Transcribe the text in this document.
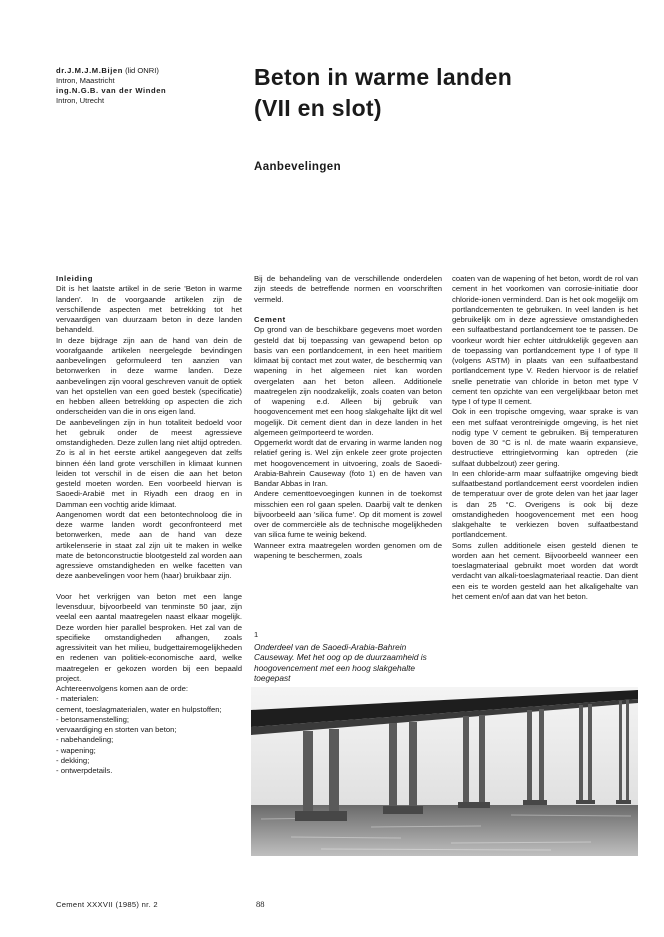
dr.J.M.J.M.Bijen (lid ONRI)
Intron, Maastricht
ing.N.G.B. van der Winden
Intron, Utrecht
Beton in warme landen
(VII en slot)
Aanbevelingen

Inleiding

Dit is het laatste artikel in de serie 'Beton in warme landen'. In de voorgaande artikelen zijn de verschillende aspecten met betrekking tot het vervaardigen van duurzaam beton in deze landen behandeld.

In deze bijdrage zijn aan de hand van dein de voorafgaande artikelen neergelegde bevindingen aanbevelingen geformuleerd ten aanzien van betonwerken in deze warme landen. Deze aanbevelingen zijn vooral geschreven vanuit de optiek van het opstellen van een goed bestek (specificatie) en hebben alleen betrekking op aspecten die zich onderscheiden van die in ons eigen land.

De aanbevelingen zijn in hun totaliteit bedoeld voor het gebruik onder de meest agressieve omstandigheden. Deze zullen lang niet altijd optreden. Zo is al in het eerste artikel aangegeven dat zelfs binnen één land grote verschillen in klimaat kunnen leiden tot verschil in de eisen die aan het beton gesteld moeten worden. Een voorbeeld hiervan is Saoedi-Arabië met in Riyadh een draog en in Damman een vochtig aride klimaat.

Aangenomen wordt dat een betontechnoloog die in deze warme landen wordt geconfronteerd met betonwerken, mede aan de hand van deze artikelenserie in staat zal zijn uit te maken in welke mate de betonconstructie blootgesteld zal worden aan agressieve omstandigheden en welke facetten van deze aanbevelingen voor hem (haar) bruikbaar zijn.

Voor het verkrijgen van beton met een lange levensduur, bijvoorbeeld van tenminste 50 jaar, zijn veelal een aantal maatregelen naast elkaar mogelijk. Deze worden hier parallel besproken. Het zal van de specifieke omstandigheden afhangen, zoals agressiviteit van het milieu, budgettairemogelijkheden en redenen van politiek-economische aard, welke maatregelen er gekozen worden bij een bepaald project.

Achtereenvolgens komen aan de orde:

- materialen:
cement, toeslagmaterialen, water en hulpstoffen;
- betonsamenstelling;
vervaardiging en storten van beton;
- nabehandeling;
- wapening;
- dekking;
- ontwerpdetails.

Bij de behandeling van de verschillende onderdelen zijn steeds de betreffende normen en voorschriften vermeld.

Cement

Op grond van de beschikbare gegevens moet worden gesteld dat bij toepassing van gewapend beton op basis van een portlandcement, in een heet maritiem klimaat bij contact met zout water, de beschermiq van wapening in het algemeen niet kan worden overgelaten aan het beton alleen. Additionele maatregelen zijn noodzakelijk, zoals coaten van beton of wapening e.d. Alleen bij gebruik van hoogovencement met een hoog slakgehalte lijkt dit wel mogelijk. Dit cement dient dan in deze landen in het algemeen geïmporteerd te worden.

Opgemerkt wordt dat de ervaring in warme landen nog relatief gering is. Wel zijn enkele zeer grote projecten met hoogovencement in uitvoering, zoals de Saoedi-Arabia-Bahrein Causeway (foto 1) en de haven van Bandar Abbas in Iran.

Andere cementtoevoegingen kunnen in de toekomst misschien een rol gaan spelen. Daarbij valt te denken bijvoorbeeld aan 'silica fume'. Op dit moment is zowel over de commerciële als de technische mogelijkheden van silica fume te weinig bekend.

Wanneer extra maatregelen worden genomen om de wapening te beschermen, zoals

1
Onderdeel van de Saoedi-Arabia-Bahrein Causeway. Met het oog op de duurzaamheid is hoogovencement met een hoog slakgehalte toegepast

coaten van de wapening of het beton, wordt de rol van cement in het voorkomen van corrosie-initiatie door chloride-ionen verminderd. Dan is het ook mogelijk om portlandcementen te gebruiken. In veel landen is het gebruikelijk om in deze agressieve omstandigheden een sulfaatbestand portlandcement toe te passen. De voorkeur wordt hier echter uitdrukkelijk gegeven aan de toepassing van portlandcement type I of type II (volgens ASTM) in plaats van een sulfaatbestand portlandcement type V. Reden hiervoor is de relatief snelle penetratie van chloride in beton met type V cement ten opzichte van een vergelijkbaar beton met type I of type II cement.

Ook in een tropische omgeving, waar sprake is van een met sulfaat verontreinigde omgeving, is het niet nodig type V cement te gebruiken. Bij temperaturen boven de 30 °C is nl. de mate waarin expansieve, destructieve ettringietvorming kan optreden (zie sulfaat dubbelzout) zeer gering.

In een chloride-arm maar sulfaatrijke omgeving biedt sulfaatbestand portlandcement eerst voordelen indien de temperatuur over de grote delen van het jaar lager is dan 25 °C. Overigens is ook bij deze omstandigheden hoogovencement met een hoog slakgehalte te verkiezen boven sulfaatbestand portlandcement.

Soms zullen additionele eisen gesteld dienen te worden aan het cement. Bijvoorbeeld wanneer een toeslagmateriaal gebruikt moet worden dat wordt verdacht van alkali-toeslagmateriaal reactie. Dan dient een eis te worden gesteld aan het alkaligehalte van het cement en/of aan dat van het beton.

Cement XXXVII (1985) nr. 2	88
